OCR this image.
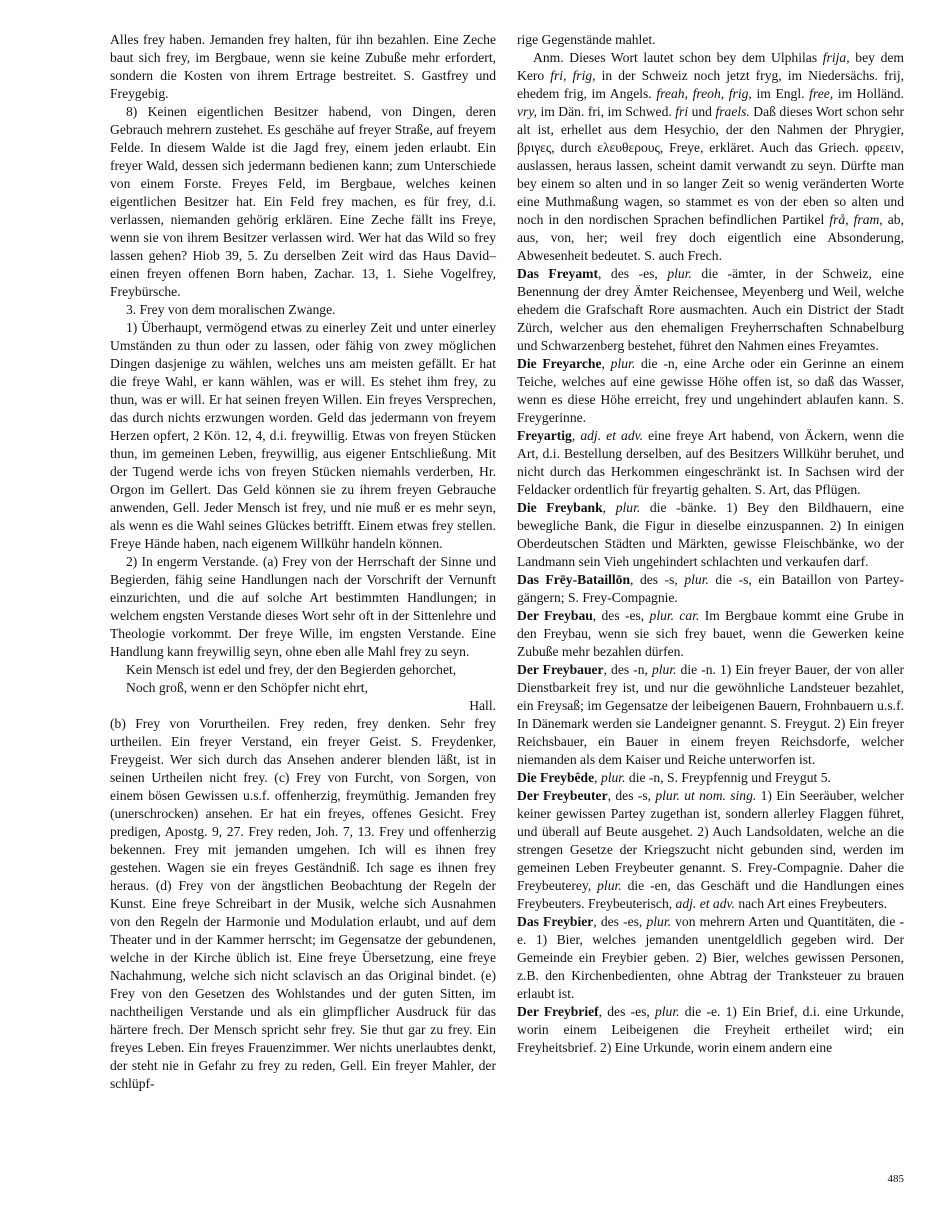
Alles frey haben. Jemanden frey halten, für ihn bezahlen. Eine Zeche baut sich frey, im Bergbaue, wenn sie keine Zubuße mehr erfordert, sondern die Kosten von ihrem Ertrage bestreitet. S. Gastfrey und Freygebig.

8) Keinen eigentlichen Besitzer habend, von Dingen, deren Gebrauch mehrern zustehet. Es geschähe auf freyer Straße, auf freyem Felde. In diesem Walde ist die Jagd frey, einem jeden erlaubt. Ein freyer Wald, dessen sich jedermann bedienen kann; zum Unterschiede von einem Forste. Freyes Feld, im Bergbaue, welches keinen eigentlichen Besitzer hat. Ein Feld frey machen, es für frey, d.i. verlassen, niemanden gehörig erklären. Eine Zeche fällt ins Freye, wenn sie von ihrem Besitzer verlassen wird. Wer hat das Wild so frey lassen gehen? Hiob 39, 5. Zu derselben Zeit wird das Haus David– einen freyen offenen Born haben, Zachar. 13, 1. Siehe Vogelfrey, Freybürsche.

3. Frey von dem moralischen Zwange.

1) Überhaupt, vermögend etwas zu einerley Zeit und unter einerley Umständen zu thun oder zu lassen, oder fähig von zwey möglichen Dingen dasjenige zu wählen, welches uns am meisten gefällt. Er hat die freye Wahl, er kann wählen, was er will. Es stehet ihm frey, zu thun, was er will. Er hat seinen freyen Willen. Ein freyes Versprechen, das durch nichts erzwungen worden. Geld das jedermann von freyem Herzen opfert, 2 Kön. 12, 4, d.i. freywillig. Etwas von freyen Stücken thun, im gemeinen Leben, freywillig, aus eigener Entschließung. Mit der Tugend werde ichs von freyen Stücken niemahls verderben, Hr. Orgon im Gellert. Das Geld können sie zu ihrem freyen Gebrauche anwenden, Gell. Jeder Mensch ist frey, und nie muß er es mehr seyn, als wenn es die Wahl seines Glückes betrifft. Einem etwas frey stellen. Freye Hände haben, nach eigenem Willkühr handeln können.

2) In engerm Verstande. (a) Frey von der Herrschaft der Sinne und Begierden, fähig seine Handlungen nach der Vorschrift der Vernunft einzurichten, und die auf solche Art bestimmten Handlungen; in welchem engsten Verstande dieses Wort sehr oft in der Sittenlehre und Theologie vorkommt. Der freye Wille, im engsten Verstande. Eine Handlung kann freywillig seyn, ohne eben alle Mahl frey zu seyn.

Kein Mensch ist edel und frey, der den Begierden gehorchet,

Noch groß, wenn er den Schöpfer nicht ehrt,

Hall.

(b) Frey von Vorurtheilen. Frey reden, frey denken. Sehr frey urtheilen. Ein freyer Verstand, ein freyer Geist. S. Freydenker, Freygeist. Wer sich durch das Ansehen anderer blenden läßt, ist in seinen Urtheilen nicht frey. (c) Frey von Furcht, von Sorgen, von einem bösen Gewissen u.s.f. offenherzig, freymüthig. Jemanden frey (unerschrocken) ansehen. Er hat ein freyes, offenes Gesicht. Frey predigen, Apostg. 9, 27. Frey reden, Joh. 7, 13. Frey und offenherzig bekennen. Frey mit jemanden umgehen. Ich will es ihnen frey gestehen. Wagen sie ein freyes Geständniß. Ich sage es ihnen frey heraus. (d) Frey von der ängstlichen Beobachtung der Regeln der Kunst. Eine freye Schreibart in der Musik, welche sich Ausnahmen von den Regeln der Harmonie und Modulation erlaubt, und auf dem Theater und in der Kammer herrscht; im Gegensatze der gebundenen, welche in der Kirche üblich ist. Eine freye Übersetzung, eine freye Nachahmung, welche sich nicht sclavisch an das Original bindet. (e) Frey von den Gesetzen des Wohlstandes und der guten Sitten, im nachtheiligen Verstande und als ein glimpflicher Ausdruck für das härtere frech. Der Mensch spricht sehr frey. Sie thut gar zu frey. Ein freyes Leben. Ein freyes Frauenzimmer. Wer nichts unerlaubtes denkt, der steht nie in Gefahr zu frey zu reden, Gell. Ein freyer Mahler, der schlüpf-

rige Gegenstände mahlet.

Anm. Dieses Wort lautet schon bey dem Ulphilas frija, bey dem Kero fri, frig, in der Schweiz noch jetzt fryg, im Niedersächs. frij, ehedem frig, im Angels. freah, freoh, frig, im Engl. free, im Holländ. vry, im Dän. fri, im Schwed. fri und fraels. Daß dieses Wort schon sehr alt ist, erhellet aus dem Hesychio, der den Nahmen der Phrygier, βριγες, durch ελευθερους, Freye, erkläret. Auch das Griech. φρεειν, auslassen, heraus lassen, scheint damit verwandt zu seyn. Dürfte man bey einem so alten und in so langer Zeit so wenig veränderten Worte eine Muthmaßung wagen, so stammet es von der eben so alten und noch in den nordischen Sprachen befindlichen Partikel frå, fram, ab, aus, von, her; weil frey doch eigentlich eine Absonderung, Abwesenheit bedeutet. S. auch Frech.

Das Freyamt, des -es, plur. die -ämter, in der Schweiz, eine Benennung der drey Ämter Reichensee, Meyenberg und Weil, welche ehedem die Grafschaft Rore ausmachten. Auch ein District der Stadt Zürch, welcher aus den ehemaligen Freyherrschaften Schnabelburg und Schwarzenberg bestehet, führet den Nahmen eines Freyamtes.

Die Freyarche, plur. die -n, eine Arche oder ein Gerinne an einem Teiche, welches auf eine gewisse Höhe offen ist, so daß das Wasser, wenn es diese Höhe erreicht, frey und ungehindert ablaufen kann. S. Freygerinne.

Freyartig, adj. et adv. eine freye Art habend, von Äckern, wenn die Art, d.i. Bestellung derselben, auf des Besitzers Willkühr beruhet, und nicht durch das Herkommen eingeschränkt ist. In Sachsen wird der Feldacker ordentlich für freyartig gehalten. S. Art, das Pflügen.

Die Freybank, plur. die -bänke. 1) Bey den Bildhauern, eine bewegliche Bank, die Figur in dieselbe einzuspannen. 2) In einigen Oberdeutschen Städten und Märkten, gewisse Fleischbänke, wo der Landmann sein Vieh ungehindert schlachten und verkaufen darf.

Das Frēy-Bataillōn, des -s, plur. die -s, ein Bataillon von Parteygängern; S. Frey-Compagnie.

Der Freybau, des -es, plur. car. Im Bergbaue kommt eine Grube in den Freybau, wenn sie sich frey bauet, wenn die Gewerken keine Zubuße mehr bezahlen dürfen.

Der Freybauer, des -n, plur. die -n. 1) Ein freyer Bauer, der von aller Dienstbarkeit frey ist, und nur die gewöhnliche Landsteuer bezahlet, ein Freysaß; im Gegensatze der leibeigenen Bauern, Frohnbauern u.s.f. In Dänemark werden sie Landeigner genannt. S. Freygut. 2) Ein freyer Reichsbauer, ein Bauer in einem freyen Reichsdorfe, welcher niemanden als dem Kaiser und Reiche unterworfen ist.

Die Freybêde, plur. die -n, S. Freypfennig und Freygut 5.

Der Freybeuter, des -s, plur. ut nom. sing. 1) Ein Seeräuber, welcher keiner gewissen Partey zugethan ist, sondern allerley Flaggen führet, und überall auf Beute ausgehet. 2) Auch Landsoldaten, welche an die strengen Gesetze der Kriegszucht nicht gebunden sind, werden im gemeinen Leben Freybeuter genannt. S. Frey-Compagnie. Daher die Freybeuterey, plur. die -en, das Geschäft und die Handlungen eines Freybeuters. Freybeuterisch, adj. et adv. nach Art eines Freybeuters.

Das Freybier, des -es, plur. von mehrern Arten und Quantitäten, die -e. 1) Bier, welches jemanden unentgeldlich gegeben wird. Der Gemeinde ein Freybier geben. 2) Bier, welches gewissen Personen, z.B. den Kirchenbedienten, ohne Abtrag der Tranksteuer zu brauen erlaubt ist.

Der Freybrief, des -es, plur. die -e. 1) Ein Brief, d.i. eine Urkunde, worin einem Leibeigenen die Freyheit ertheilet wird; ein Freyheitsbrief. 2) Eine Urkunde, worin einem andern eine

485
